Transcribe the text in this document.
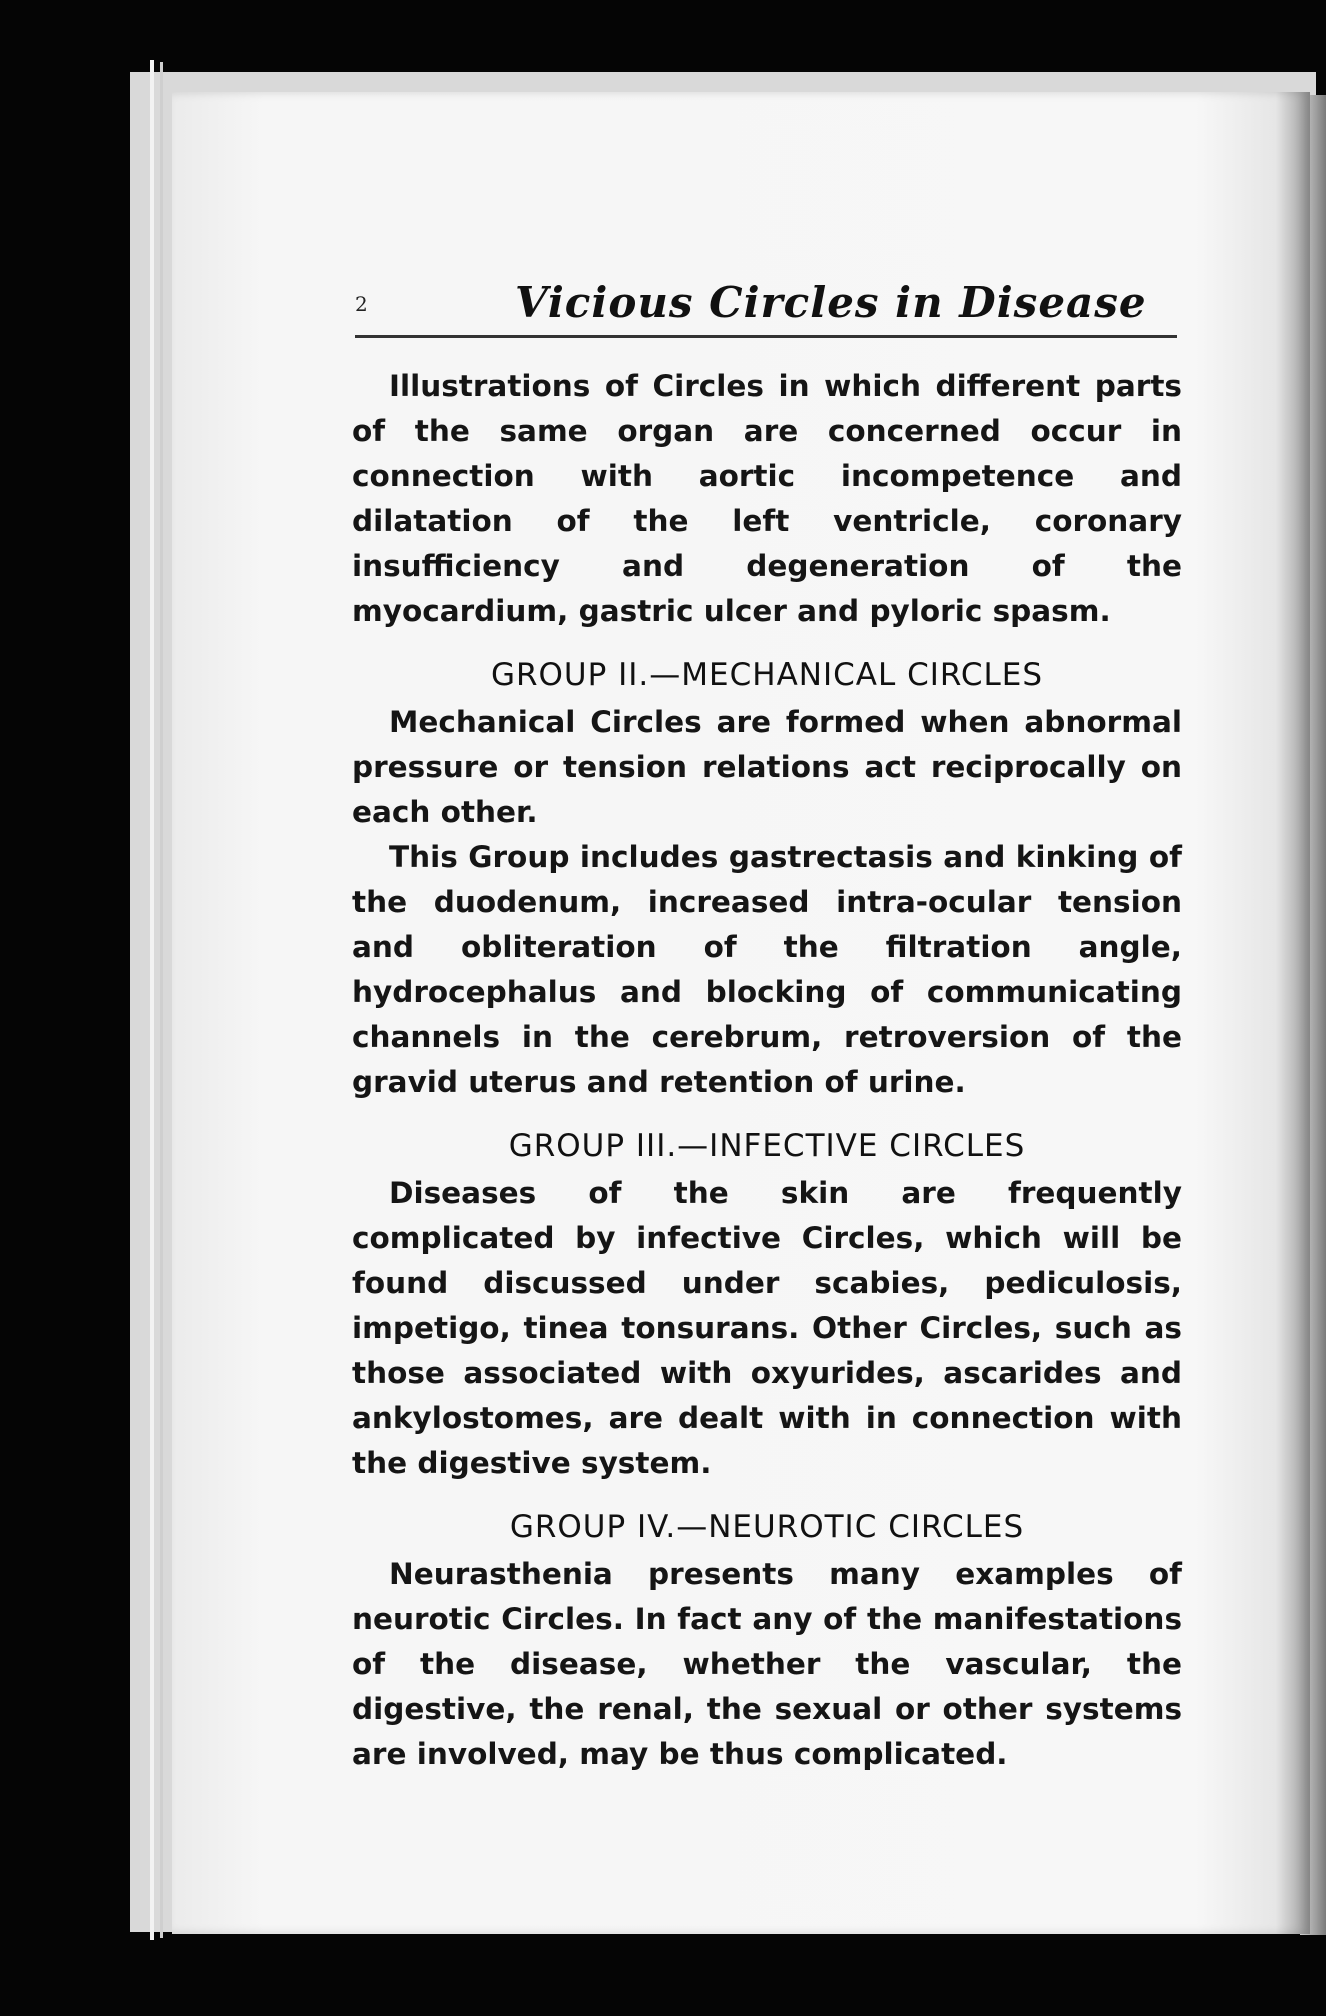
2	Vicious Circles in Disease

Illustrations of Circles in which different parts of the same organ are concerned occur in connection with aortic incompetence and dilatation of the left ventricle, coronary insufficiency and degeneration of the myocardium, gastric ulcer and pyloric spasm.

GROUP II.—MECHANICAL CIRCLES

Mechanical Circles are formed when abnormal pressure or tension relations act reciprocally on each other.

This Group includes gastrectasis and kinking of the duodenum, increased intra-ocular tension and obliteration of the filtration angle, hydrocephalus and blocking of communicating channels in the cerebrum, retroversion of the gravid uterus and retention of urine.

GROUP III.—INFECTIVE CIRCLES

Diseases of the skin are frequently complicated by infective Circles, which will be found discussed under scabies, pediculosis, impetigo, tinea tonsurans. Other Circles, such as those associated with oxyurides, ascarides and ankylostomes, are dealt with in connection with the digestive system.

GROUP IV.—NEUROTIC CIRCLES

Neurasthenia presents many examples of neurotic Circles. In fact any of the manifestations of the disease, whether the vascular, the digestive, the renal, the sexual or other systems are involved, may be thus complicated.
